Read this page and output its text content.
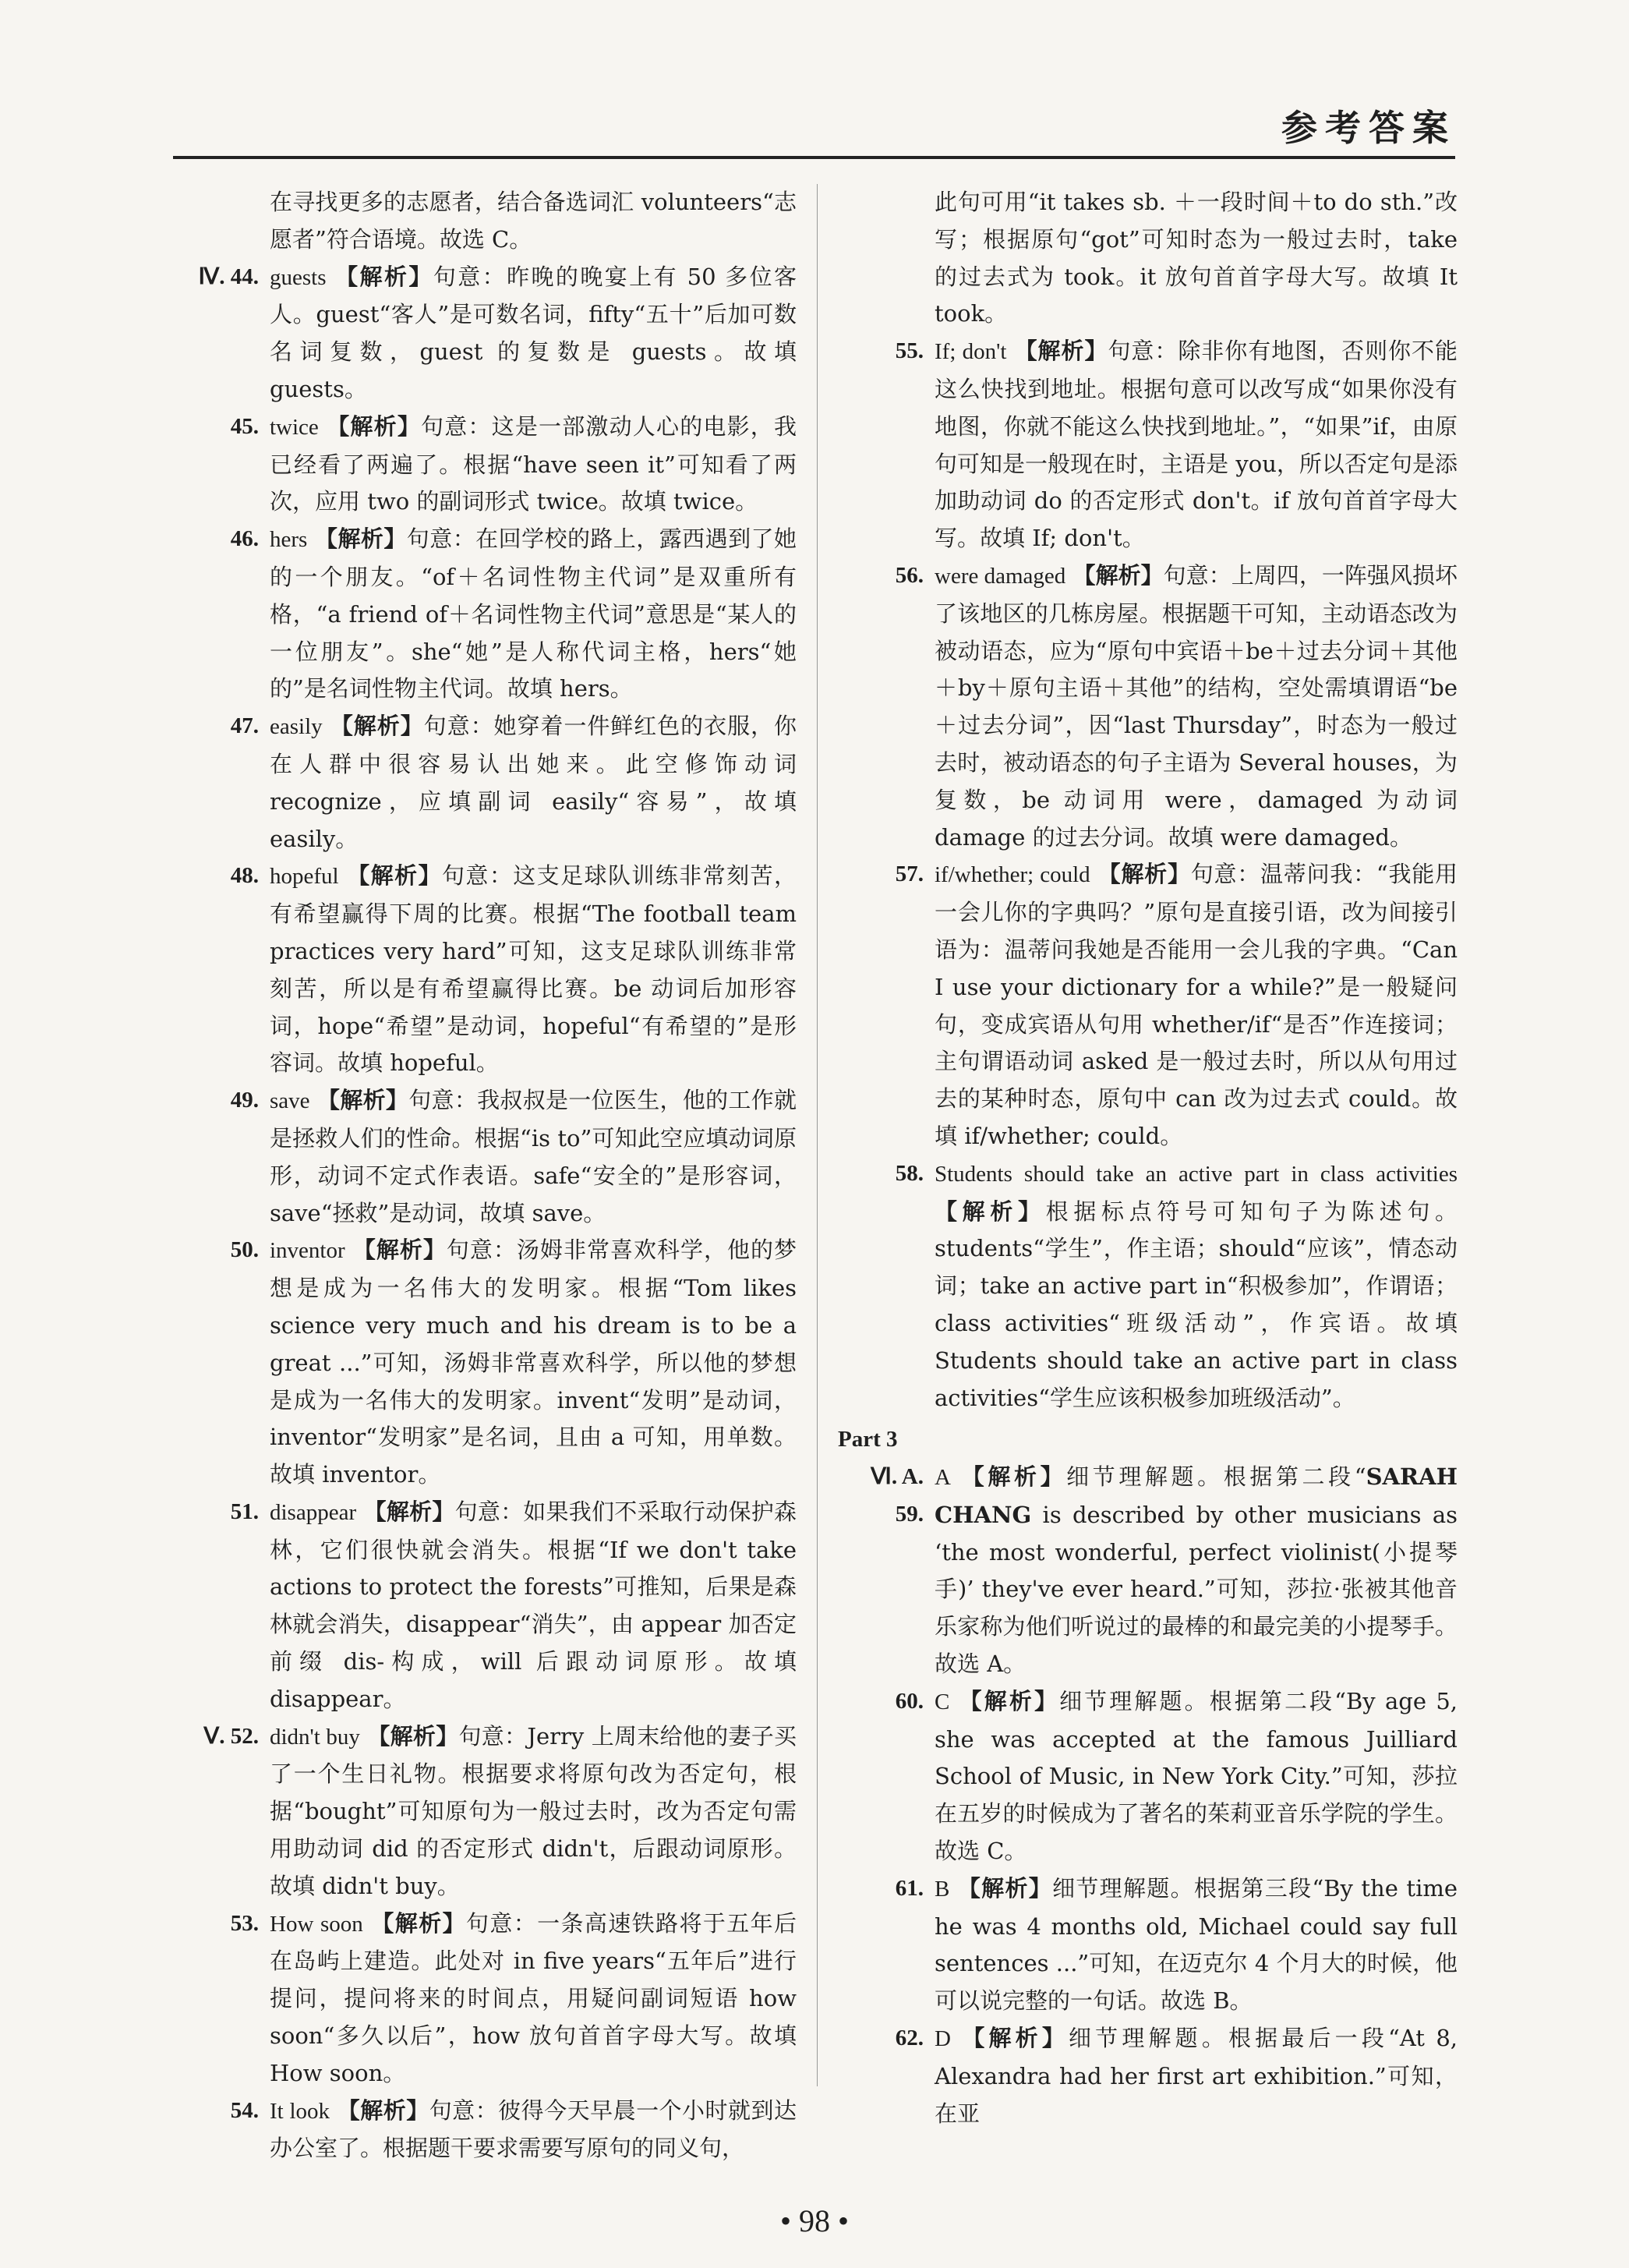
参考答案

在寻找更多的志愿者，结合备选词汇 volunteers“志愿者”符合语境。故选 C。

Ⅳ. 44. guests 【解析】句意：昨晚的晚宴上有 50 多位客人。guest“客人”是可数名词，fifty“五十”后加可数名词复数，guest 的复数是 guests。故填 guests。
45. twice 【解析】句意：这是一部激动人心的电影，我已经看了两遍了。根据“have seen it”可知看了两次，应用 two 的副词形式 twice。故填 twice。
46. hers 【解析】句意：在回学校的路上，露西遇到了她的一个朋友。“of＋名词性物主代词”是双重所有格，“a friend of＋名词性物主代词”意思是“某人的一位朋友”。she“她”是人称代词主格，hers“她的”是名词性物主代词。故填 hers。
47. easily 【解析】句意：她穿着一件鲜红色的衣服，你在人群中很容易认出她来。此空修饰动词 recognize，应填副词 easily“容易”，故填 easily。
48. hopeful 【解析】句意：这支足球队训练非常刻苦，有希望赢得下周的比赛。根据“The football team practices very hard”可知，这支足球队训练非常刻苦，所以是有希望赢得比赛。be 动词后加形容词，hope“希望”是动词，hopeful“有希望的”是形容词。故填 hopeful。
49. save 【解析】句意：我叔叔是一位医生，他的工作就是拯救人们的性命。根据“is to”可知此空应填动词原形，动词不定式作表语。safe“安全的”是形容词，save“拯救”是动词，故填 save。
50. inventor 【解析】句意：汤姆非常喜欢科学，他的梦想是成为一名伟大的发明家。根据“Tom likes science very much and his dream is to be a great ...”可知，汤姆非常喜欢科学，所以他的梦想是成为一名伟大的发明家。invent“发明”是动词，inventor“发明家”是名词，且由 a 可知，用单数。故填 inventor。
51. disappear 【解析】句意：如果我们不采取行动保护森林，它们很快就会消失。根据“If we don't take actions to protect the forests”可推知，后果是森林就会消失，disappear“消失”，由 appear 加否定前缀 dis-构成，will 后跟动词原形。故填 disappear。
Ⅴ. 52. didn't buy 【解析】句意：Jerry 上周末给他的妻子买了一个生日礼物。根据要求将原句改为否定句，根据“bought”可知原句为一般过去时，改为否定句需用助动词 did 的否定形式 didn't，后跟动词原形。故填 didn't buy。
53. How soon 【解析】句意：一条高速铁路将于五年后在岛屿上建造。此处对 in five years“五年后”进行提问，提问将来的时间点，用疑问副词短语 how soon“多久以后”，how 放句首首字母大写。故填 How soon。
54. It look 【解析】句意：彼得今天早晨一个小时就到达办公室了。根据题干要求需要写原句的同义句，

此句可用“it takes sb. ＋一段时间＋to do sth.”改写；根据原句“got”可知时态为一般过去时，take 的过去式为 took。it 放句首首字母大写。故填 It took。

55. If; don't 【解析】句意：除非你有地图，否则你不能这么快找到地址。根据句意可以改写成“如果你没有地图，你就不能这么快找到地址。”，“如果”if，由原句可知是一般现在时，主语是 you，所以否定句是添加助动词 do 的否定形式 don't。if 放句首首字母大写。故填 If; don't。
56. were damaged 【解析】句意：上周四，一阵强风损坏了该地区的几栋房屋。根据题干可知，主动语态改为被动语态，应为“原句中宾语＋be＋过去分词＋其他＋by＋原句主语＋其他”的结构，空处需填谓语“be＋过去分词”，因“last Thursday”，时态为一般过去时，被动语态的句子主语为 Several houses，为复数，be 动词用 were，damaged 为动词 damage 的过去分词。故填 were damaged。
57. if/whether; could 【解析】句意：温蒂问我：“我能用一会儿你的字典吗？”原句是直接引语，改为间接引语为：温蒂问我她是否能用一会儿我的字典。“Can I use your dictionary for a while?”是一般疑问句，变成宾语从句用 whether/if“是否”作连接词；主句谓语动词 asked 是一般过去时，所以从句用过去的某种时态，原句中 can 改为过去式 could。故填 if/whether; could。
58. Students should take an active part in class activities 【解析】根据标点符号可知句子为陈述句。students“学生”，作主语；should“应该”，情态动词；take an active part in“积极参加”，作谓语；class activities“班级活动”，作宾语。故填 Students should take an active part in class activities“学生应该积极参加班级活动”。

Part 3

Ⅵ. A. 59.
A 【解析】细节理解题。根据第二段“SARAH CHANG is described by other musicians as ‘the most wonderful, perfect violinist(小提琴手)’ they've ever heard.”可知，莎拉·张被其他音乐家称为他们听说过的最棒的和最完美的小提琴手。故选 A。
60. C 【解析】细节理解题。根据第二段“By age 5, she was accepted at the famous Juilliard School of Music, in New York City.”可知，莎拉在五岁的时候成为了著名的茱莉亚音乐学院的学生。故选 C。
61. B 【解析】细节理解题。根据第三段“By the time he was 4 months old, Michael could say full sentences ...”可知，在迈克尔 4 个月大的时候，他可以说完整的一句话。故选 B。
62. D 【解析】细节理解题。根据最后一段“At 8, Alexandra had her first art exhibition.”可知，在亚
• 98 •
